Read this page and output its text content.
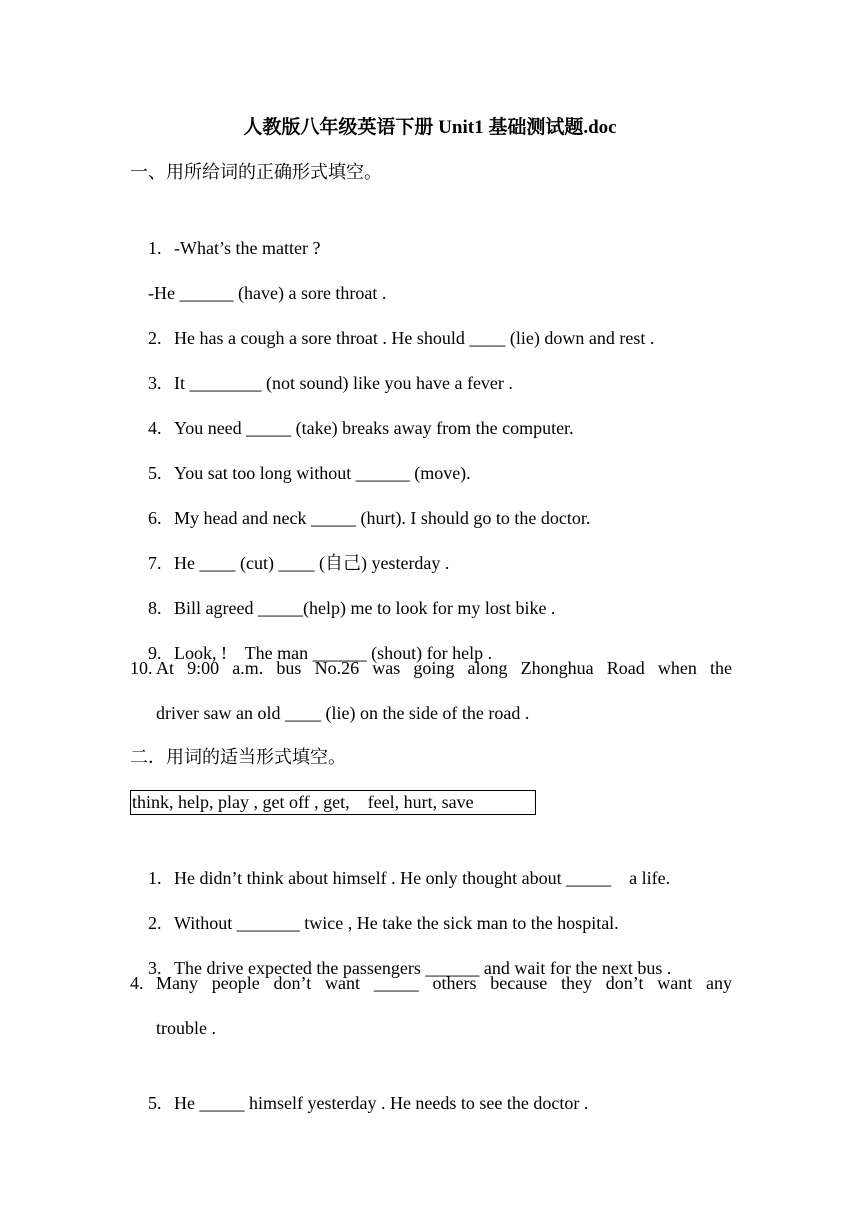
人教版八年级英语下册 Unit1 基础测试题.doc
一、用所给词的正确形式填空。

1. -What’s the matter ?

-He ______ (have) a sore throat .

2. He has a cough a sore throat . He should ____ (lie) down and rest .

3. It ________ (not sound) like you have a fever .

4. You need _____ (take) breaks away from the computer.

5. You sat too long without ______ (move).

6. My head and neck _____ (hurt). I should go to the doctor.

7. He ____ (cut) ____ (自己) yesterday .

8. Bill agreed _____(help) me to look for my lost bike .

9. Look, !    The man ______ (shout) for help .

10. At 9:00 a.m. bus No.26 was going along Zhonghua Road when the
driver saw an old ____ (lie) on the side of the road .
二．用词的适当形式填空。
think, help, play , get off , get,    feel, hurt, save

1. He didn’t think about himself . He only thought about _____    a life.

2. Without _______ twice , He take the sick man to the hospital.

3. The drive expected the passengers ______ and wait for the next bus .

4. Many people don’t want _____ others because they don’t want any
trouble .

5. He _____ himself yesterday . He needs to see the doctor .
